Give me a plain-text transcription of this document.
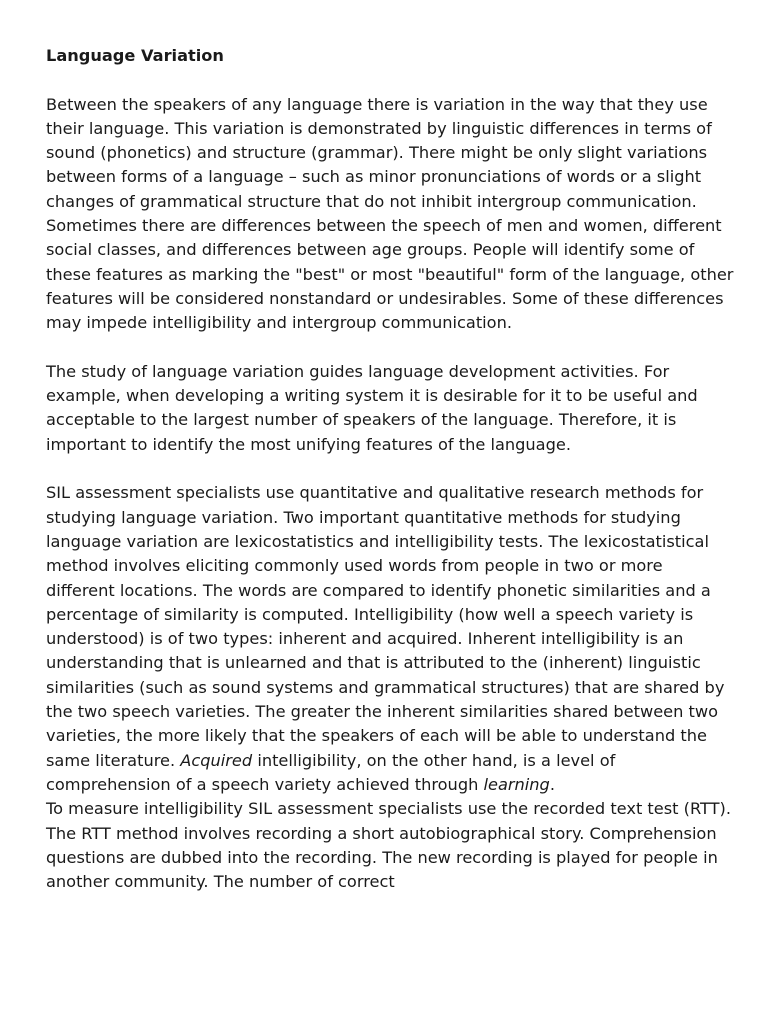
Language Variation

Between the speakers of any language there is variation in the way that they use their language. This variation is demonstrated by linguistic differences in terms of sound (phonetics) and structure (grammar). There might be only slight variations between forms of a language – such as minor pronunciations of words or a slight changes of grammatical structure that do not inhibit intergroup communication. Sometimes there are differences between the speech of men and women, different social classes, and differences between age groups. People will identify some of these features as marking the "best" or most "beautiful" form of the language, other features will be considered nonstandard or undesirables. Some of these differences may impede intelligibility and intergroup communication.

The study of language variation guides language development activities. For example, when developing a writing system it is desirable for it to be useful and acceptable to the largest number of speakers of the language. Therefore, it is important to identify the most unifying features of the language.

SIL assessment specialists use quantitative and qualitative research methods for studying language variation. Two important quantitative methods for studying language variation are lexicostatistics and intelligibility tests. The lexicostatistical method involves eliciting commonly used words from people in two or more different locations. The words are compared to identify phonetic similarities and a percentage of similarity is computed. Intelligibility (how well a speech variety is understood) is of two types: inherent and acquired. Inherent intelligibility is an understanding that is unlearned and that is attributed to the (inherent) linguistic similarities (such as sound systems and grammatical structures) that are shared by the two speech varieties. The greater the inherent similarities shared between two varieties, the more likely that the speakers of each will be able to understand the same literature. Acquired intelligibility, on the other hand, is a level of comprehension of a speech variety achieved through learning.

To measure intelligibility SIL assessment specialists use the recorded text test (RTT). The RTT method involves recording a short autobiographical story. Comprehension questions are dubbed into the recording. The new recording is played for people in another community. The number of correct
